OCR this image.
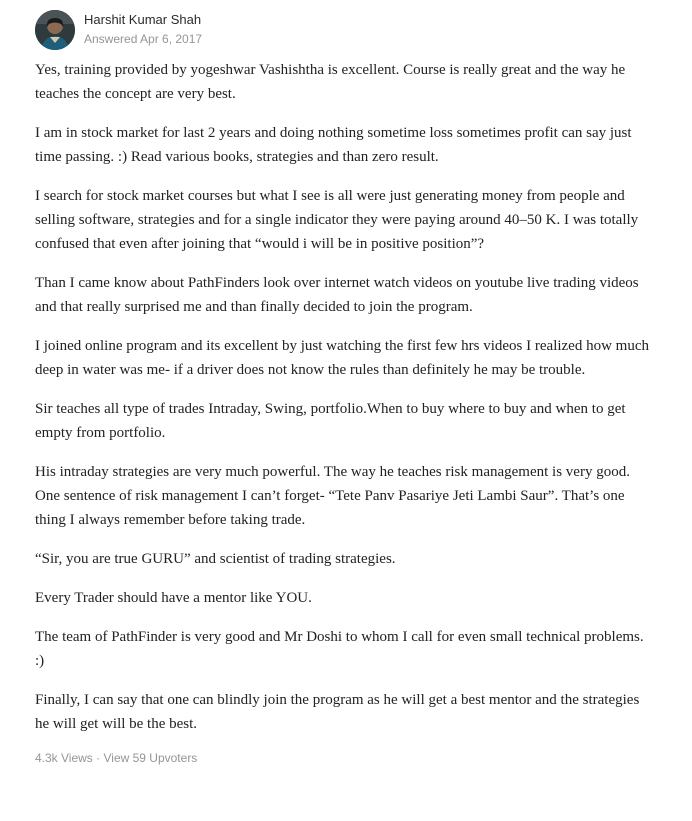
Harshit Kumar Shah
Answered Apr 6, 2017

Yes, training provided by yogeshwar Vashishtha is excellent. Course is really great and the way he teaches the concept are very best.

I am in stock market for last 2 years and doing nothing sometime loss sometimes profit can say just time passing. :) Read various books, strategies and than zero result.

I search for stock market courses but what I see is all were just generating money from people and selling software, strategies and for a single indicator they were paying around 40–50 K. I was totally confused that even after joining that “would i will be in positive position”?

Than I came know about PathFinders look over internet watch videos on youtube live trading videos and that really surprised me and than finally decided to join the program.

I joined online program and its excellent by just watching the first few hrs videos I realized how much deep in water was me- if a driver does not know the rules than definitely he may be trouble.

Sir teaches all type of trades Intraday, Swing, portfolio.When to buy where to buy and when to get empty from portfolio.

His intraday strategies are very much powerful. The way he teaches risk management is very good. One sentence of risk management I can’t forget- “Tete Panv Pasariye Jeti Lambi Saur”. That’s one thing I always remember before taking trade.

“Sir, you are true GURU” and scientist of trading strategies.

Every Trader should have a mentor like YOU.

The team of PathFinder is very good and Mr Doshi to whom I call for even small technical problems. :)

Finally, I can say that one can blindly join the program as he will get a best mentor and the strategies he will get will be the best.

4.3k Views · View 59 Upvoters
